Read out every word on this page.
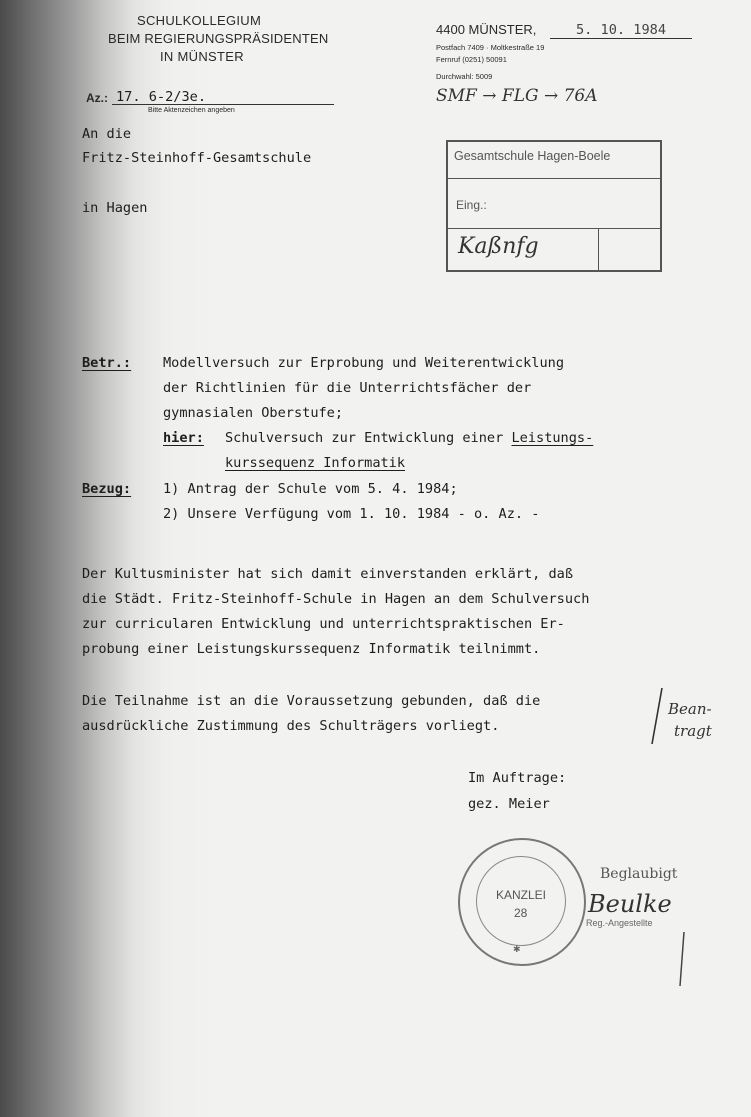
SCHULKOLLEGIUM
BEIM REGIERUNGSPRÄSIDENTEN
IN MÜNSTER
Az.: 17. 6-2/3e.
Bitte Aktenzeichen angeben
4400 MÜNSTER,	5. 10. 1984
Postfach 7409 · Moltkestraße 19
Fernruf (0251) 50091
Durchwahl: 5009
SMF → FLG → 76A
An die
Fritz-Steinhoff-Gesamtschule
in Hagen
Gesamtschule Hagen-Boele
Eing.:
Kaßnfg
Betr.: Modellversuch zur Erprobung und Weiterentwicklung
der Richtlinien für die Unterrichtsfächer der
gymnasialen Oberstufe;
hier: Schulversuch zur Entwicklung einer Leistungs-
kurssequenz Informatik
Bezug: 1) Antrag der Schule vom 5. 4. 1984;
2) Unsere Verfügung vom 1. 10. 1984 - o. Az. -
Der Kultusminister hat sich damit einverstanden erklärt, daß
die Städt. Fritz-Steinhoff-Schule in Hagen an dem Schulversuch
zur curricularen Entwicklung und unterrichtspraktischen Er-
probung einer Leistungskurssequenz Informatik teilnimmt.
Die Teilnahme ist an die Voraussetzung gebunden, daß die
ausdrückliche Zustimmung des Schulträgers vorliegt.
Bean-
tragt
Im Auftrage:
gez. Meier
KANZLEI
28
✱
Beglaubigt
Beulke
Reg.-Angestellte
